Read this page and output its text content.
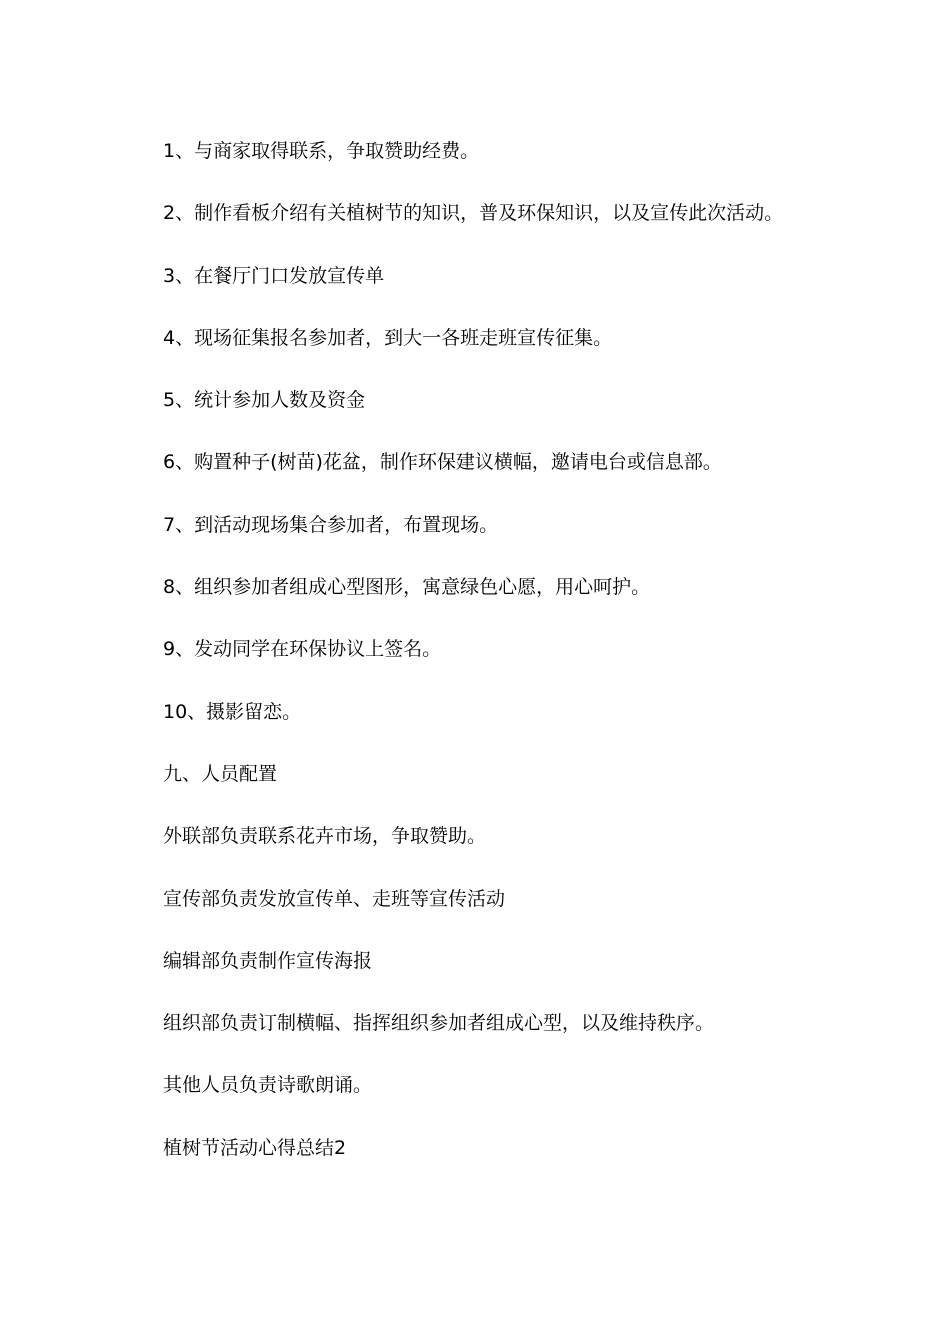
1、与商家取得联系，争取赞助经费。
2、制作看板介绍有关植树节的知识，普及环保知识，以及宣传此次活动。
3、在餐厅门口发放宣传单
4、现场征集报名参加者，到大一各班走班宣传征集。
5、统计参加人数及资金
6、购置种子(树苗)花盆，制作环保建议横幅，邀请电台或信息部。
7、到活动现场集合参加者，布置现场。
8、组织参加者组成心型图形，寓意绿色心愿，用心呵护。
9、发动同学在环保协议上签名。
10、摄影留恋。
九、人员配置
外联部负责联系花卉市场，争取赞助。
宣传部负责发放宣传单、走班等宣传活动
编辑部负责制作宣传海报
组织部负责订制横幅、指挥组织参加者组成心型，以及维持秩序。
其他人员负责诗歌朗诵。
植树节活动心得总结2
